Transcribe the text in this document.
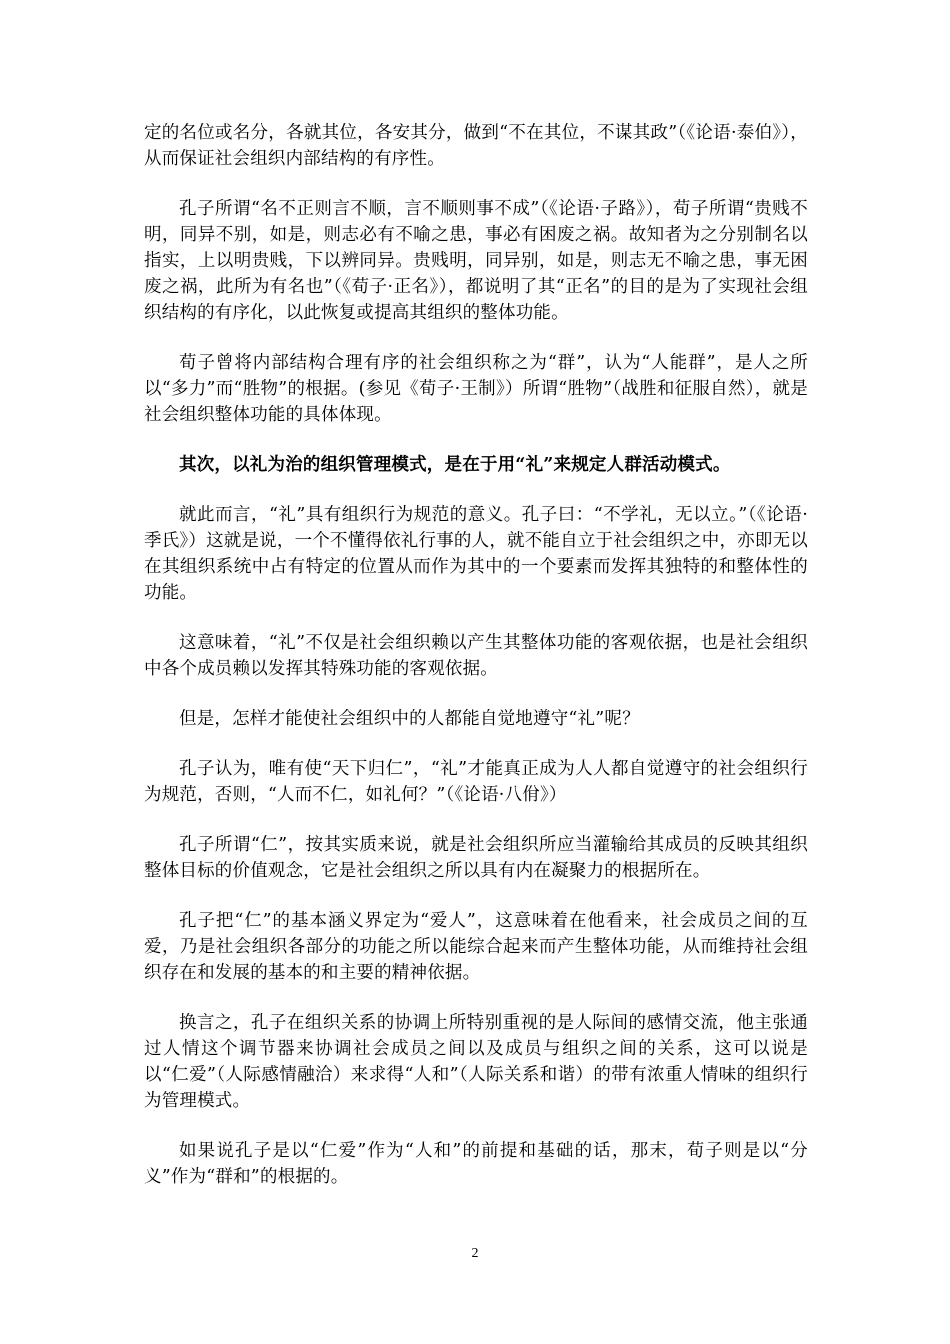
定的名位或名分，各就其位，各安其分，做到“不在其位，不谋其政”（《论语·泰伯》），从而保证社会组织内部结构的有序性。

孔子所谓“名不正则言不顺，言不顺则事不成”（《论语·子路》），荀子所谓“贵贱不明，同异不别，如是，则志必有不喻之患，事必有困废之祸。故知者为之分别制名以指实，上以明贵贱，下以辨同异。贵贱明，同异别，如是，则志无不喻之患，事无困废之祸，此所为有名也”（《荀子·正名》），都说明了其“正名”的目的是为了实现社会组织结构的有序化，以此恢复或提高其组织的整体功能。

荀子曾将内部结构合理有序的社会组织称之为“群”，认为“人能群”，是人之所以“多力”而“胜物”的根据。(参见《荀子·王制》）所谓“胜物”（战胜和征服自然），就是社会组织整体功能的具体体现。

其次，以礼为治的组织管理模式，是在于用“礼”来规定人群活动模式。

就此而言，“礼”具有组织行为规范的意义。孔子曰：“不学礼，无以立。”（《论语·季氏》）这就是说，一个不懂得依礼行事的人，就不能自立于社会组织之中，亦即无以在其组织系统中占有特定的位置从而作为其中的一个要素而发挥其独特的和整体性的功能。

这意味着，“礼”不仅是社会组织赖以产生其整体功能的客观依据，也是社会组织中各个成员赖以发挥其特殊功能的客观依据。

但是，怎样才能使社会组织中的人都能自觉地遵守“礼”呢？

孔子认为，唯有使“天下归仁”，“礼”才能真正成为人人都自觉遵守的社会组织行为规范，否则，“人而不仁，如礼何？”（《论语·八佾》）

孔子所谓“仁”，按其实质来说，就是社会组织所应当灌输给其成员的反映其组织整体目标的价值观念，它是社会组织之所以具有内在凝聚力的根据所在。

孔子把“仁”的基本涵义界定为“爱人”，这意味着在他看来，社会成员之间的互爱，乃是社会组织各部分的功能之所以能综合起来而产生整体功能，从而维持社会组织存在和发展的基本的和主要的精神依据。

换言之，孔子在组织关系的协调上所特别重视的是人际间的感情交流，他主张通过人情这个调节器来协调社会成员之间以及成员与组织之间的关系，这可以说是以“仁爱”（人际感情融洽）来求得“人和”（人际关系和谐）的带有浓重人情味的组织行为管理模式。

如果说孔子是以“仁爱”作为“人和”的前提和基础的话，那末，荀子则是以“分义”作为“群和”的根据的。

2
